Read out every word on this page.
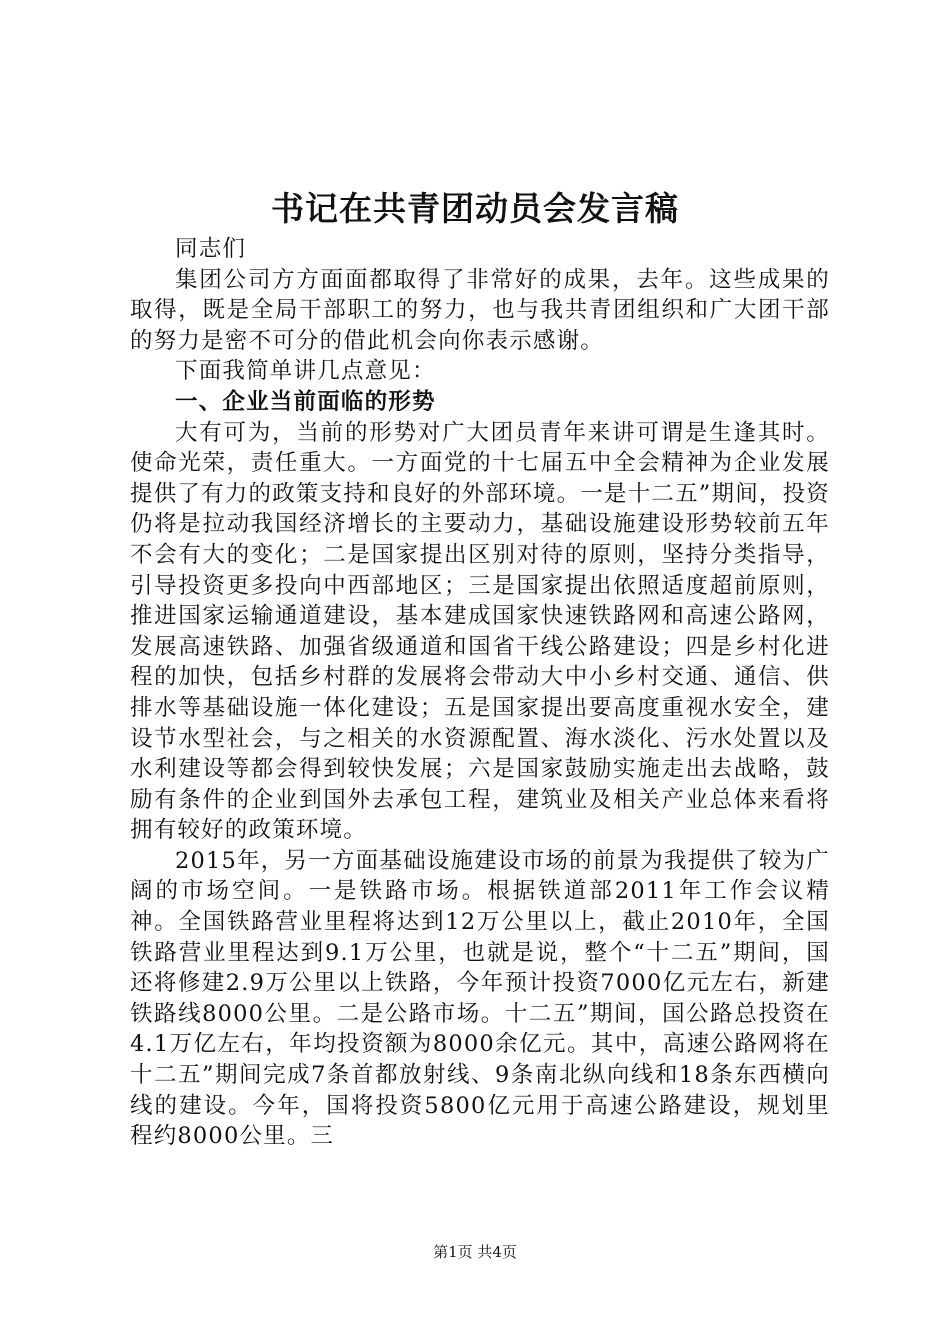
书记在共青团动员会发言稿

同志们

集团公司方方面面都取得了非常好的成果，去年。这些成果的取得，既是全局干部职工的努力，也与我共青团组织和广大团干部的努力是密不可分的借此机会向你表示感谢。

下面我简单讲几点意见：

一、企业当前面临的形势

大有可为，当前的形势对广大团员青年来讲可谓是生逢其时。使命光荣，责任重大。一方面党的十七届五中全会精神为企业发展提供了有力的政策支持和良好的外部环境。一是十二五”期间，投资仍将是拉动我国经济增长的主要动力，基础设施建设形势较前五年不会有大的变化；二是国家提出区别对待的原则，坚持分类指导，引导投资更多投向中西部地区；三是国家提出依照适度超前原则，推进国家运输通道建设，基本建成国家快速铁路网和高速公路网，发展高速铁路、加强省级通道和国省干线公路建设；四是乡村化进程的加快，包括乡村群的发展将会带动大中小乡村交通、通信、供排水等基础设施一体化建设；五是国家提出要高度重视水安全，建设节水型社会，与之相关的水资源配置、海水淡化、污水处置以及水利建设等都会得到较快发展；六是国家鼓励实施走出去战略，鼓励有条件的企业到国外去承包工程，建筑业及相关产业总体来看将拥有较好的政策环境。

2015年，另一方面基础设施建设市场的前景为我提供了较为广阔的市场空间。一是铁路市场。根据铁道部2011年工作会议精神。全国铁路营业里程将达到12万公里以上，截止2010年，全国铁路营业里程达到9.1万公里，也就是说，整个“十二五”期间，国还将修建2.9万公里以上铁路，今年预计投资7000亿元左右，新建铁路线8000公里。二是公路市场。十二五”期间，国公路总投资在4.1万亿左右，年均投资额为8000余亿元。其中，高速公路网将在十二五”期间完成7条首都放射线、9条南北纵向线和18条东西横向线的建设。今年，国将投资5800亿元用于高速公路建设，规划里程约8000公里。三

第1页 共4页
